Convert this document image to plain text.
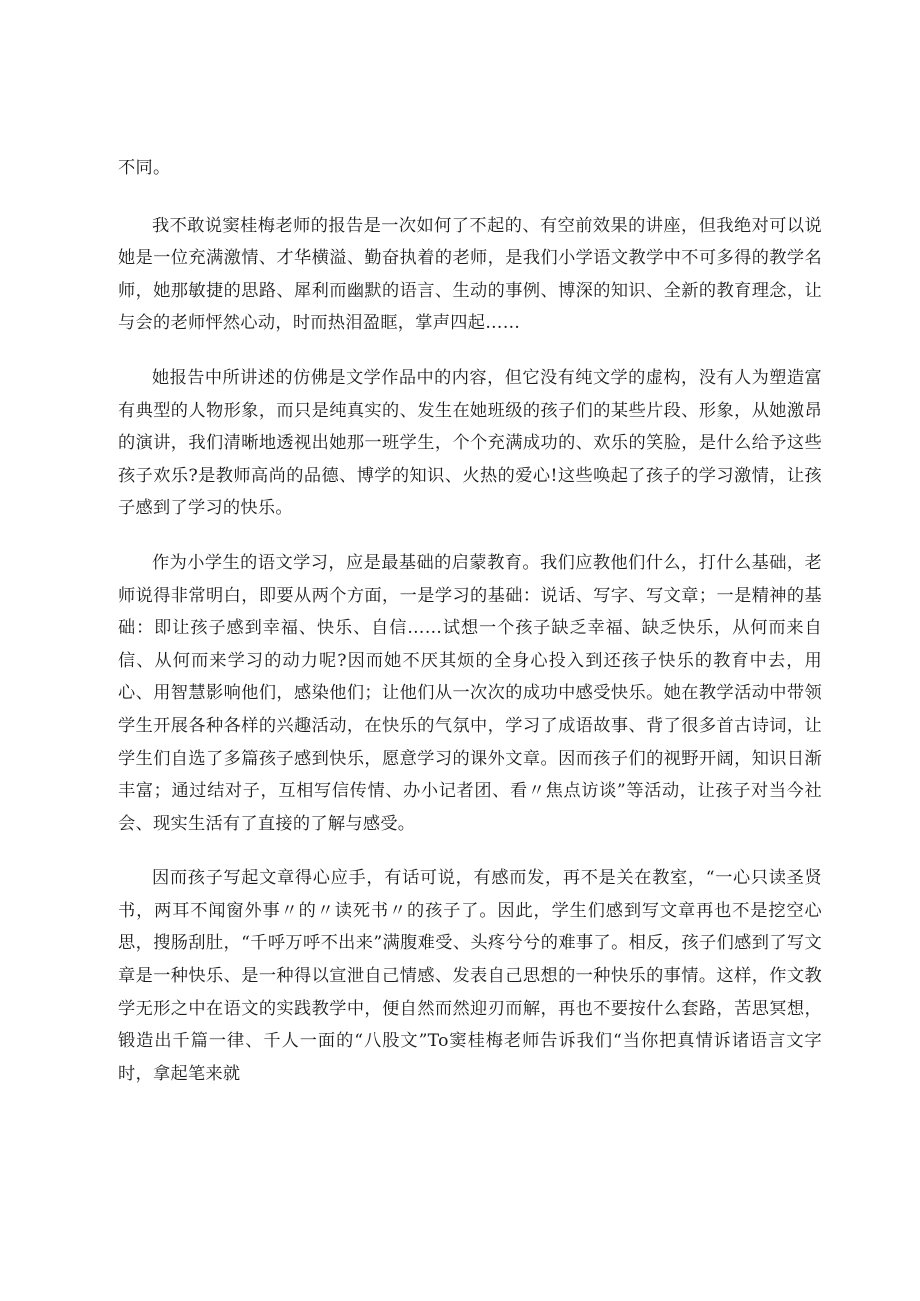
不同。

我不敢说窦桂梅老师的报告是一次如何了不起的、有空前效果的讲座，但我绝对可以说她是一位充满激情、才华横溢、勤奋执着的老师，是我们小学语文教学中不可多得的教学名师，她那敏捷的思路、犀利而幽默的语言、生动的事例、博深的知识、全新的教育理念，让与会的老师怦然心动，时而热泪盈眶，掌声四起……

她报告中所讲述的仿佛是文学作品中的内容，但它没有纯文学的虚构，没有人为塑造富有典型的人物形象，而只是纯真实的、发生在她班级的孩子们的某些片段、形象，从她激昂的演讲，我们清晰地透视出她那一班学生，个个充满成功的、欢乐的笑脸，是什么给予这些孩子欢乐?是教师高尚的品德、博学的知识、火热的爱心!这些唤起了孩子的学习激情，让孩子感到了学习的快乐。

作为小学生的语文学习，应是最基础的启蒙教育。我们应教他们什么，打什么基础，老师说得非常明白，即要从两个方面，一是学习的基础：说话、写字、写文章；一是精神的基础：即让孩子感到幸福、快乐、自信……试想一个孩子缺乏幸福、缺乏快乐，从何而来自信、从何而来学习的动力呢?因而她不厌其烦的全身心投入到还孩子快乐的教育中去，用心、用智慧影响他们，感染他们；让他们从一次次的成功中感受快乐。她在教学活动中带领学生开展各种各样的兴趣活动，在快乐的气氛中，学习了成语故事、背了很多首古诗词，让学生们自选了多篇孩子感到快乐，愿意学习的课外文章。因而孩子们的视野开阔，知识日渐丰富；通过结对子，互相写信传情、办小记者团、看〃焦点访谈”等活动，让孩子对当今社会、现实生活有了直接的了解与感受。

因而孩子写起文章得心应手，有话可说，有感而发，再不是关在教室，“一心只读圣贤书，两耳不闻窗外事〃的〃读死书〃的孩子了。因此，学生们感到写文章再也不是挖空心思，搜肠刮肚，“千呼万呼不出来”满腹难受、头疼兮兮的难事了。相反，孩子们感到了写文章是一种快乐、是一种得以宣泄自己情感、发表自己思想的一种快乐的事情。这样，作文教学无形之中在语文的实践教学中，便自然而然迎刃而解，再也不要按什么套路，苦思冥想，锻造出千篇一律、千人一面的“八股文”To窦桂梅老师告诉我们“当你把真情诉诸语言文字时，拿起笔来就
